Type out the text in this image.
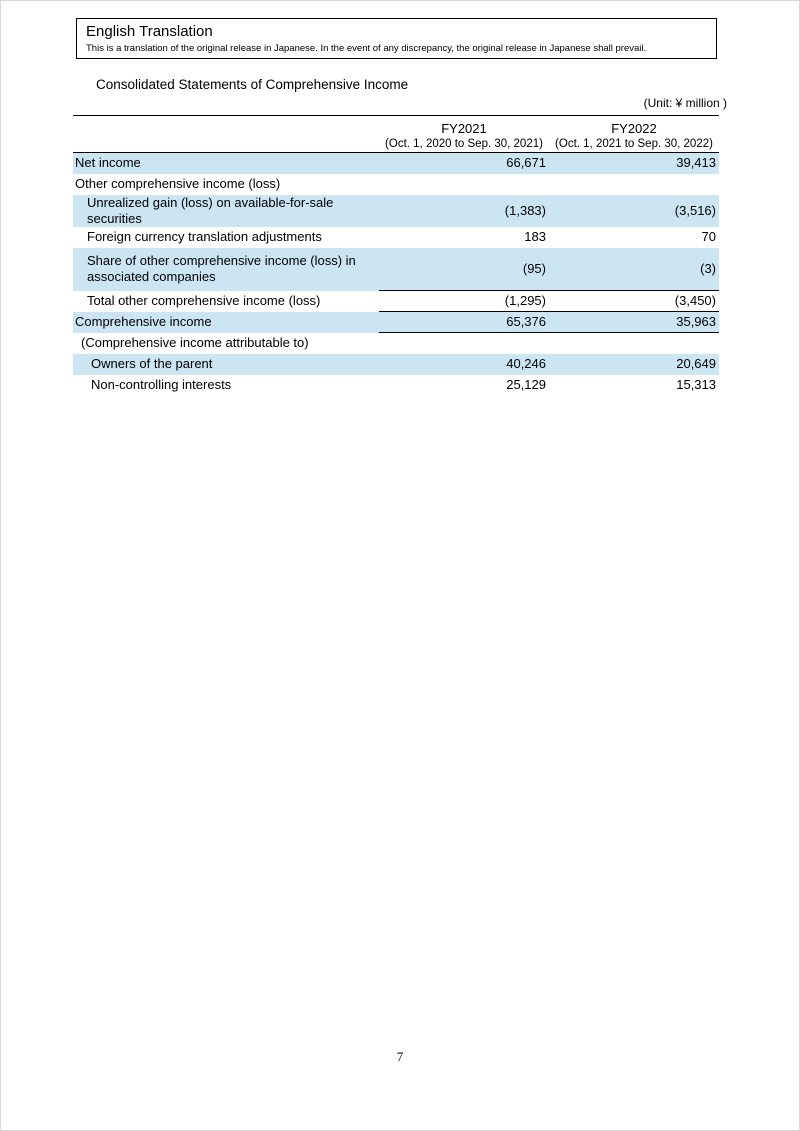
English Translation
This is a translation of the original release in Japanese. In the event of any discrepancy, the original release in Japanese shall prevail.
Consolidated Statements of Comprehensive Income
(Unit: ¥ million )
	FY2021	FY2022
	(Oct. 1, 2020 to Sep. 30, 2021)	(Oct. 1, 2021 to Sep. 30, 2022)
Net income	66,671	39,413
Other comprehensive income (loss)		
Unrealized gain (loss) on available-for-sale securities	(1,383)	(3,516)
Foreign currency translation adjustments	183	70
Share of other comprehensive income (loss) in associated companies	(95)	(3)
Total other comprehensive income (loss)	(1,295)	(3,450)
Comprehensive income	65,376	35,963
(Comprehensive income attributable to)		
Owners of the parent	40,246	20,649
Non-controlling interests	25,129	15,313
7
